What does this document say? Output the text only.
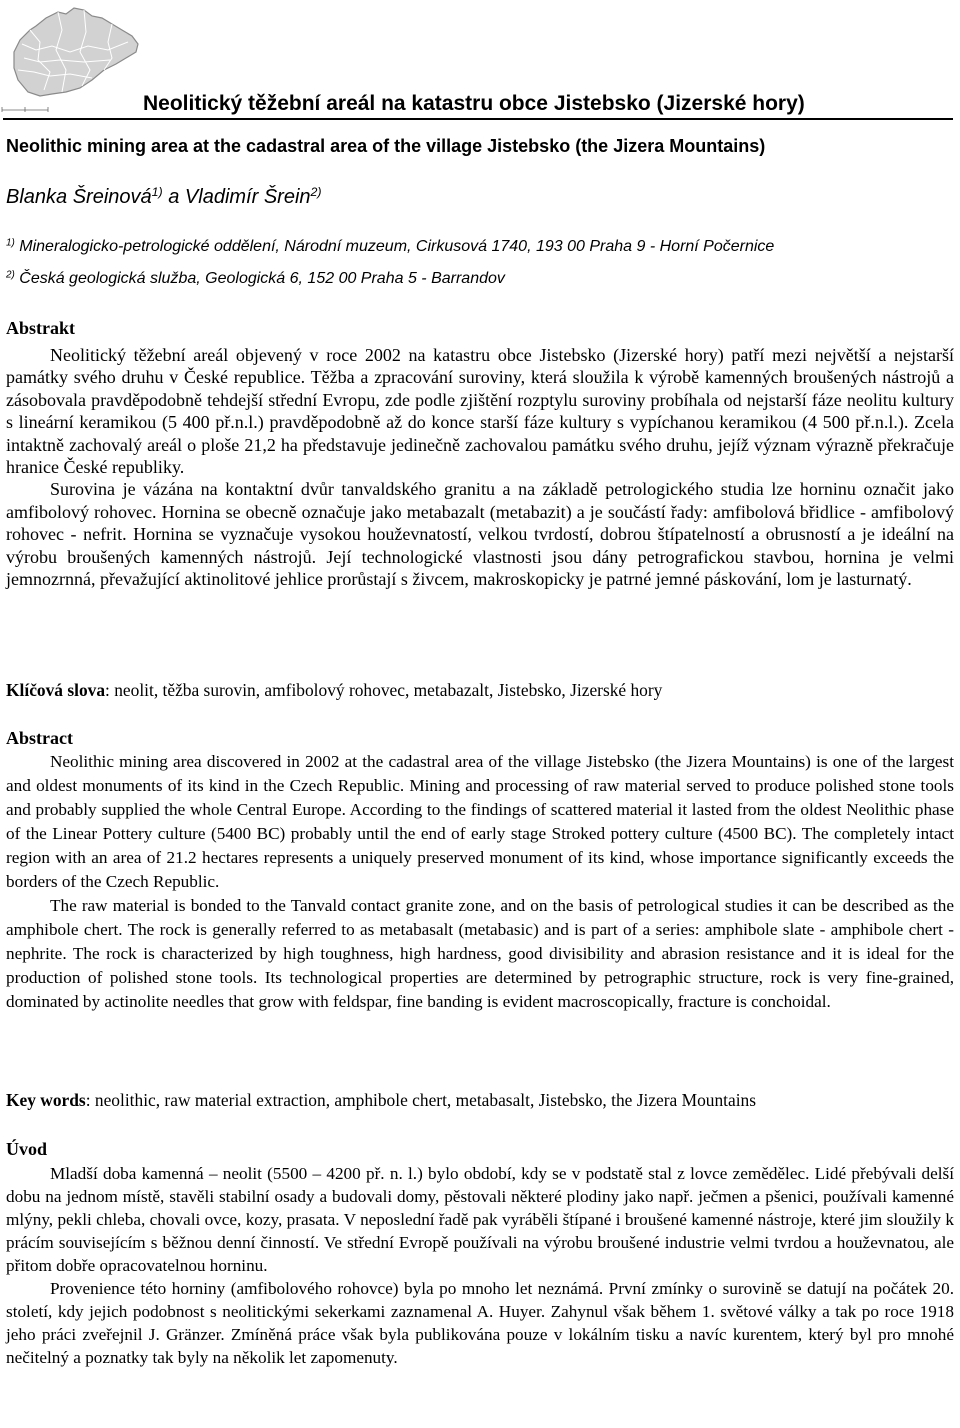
Neolitický těžební areál na katastru obce Jistebsko (Jizerské hory)
Neolithic mining area at the cadastral area of the village Jistebsko (the Jizera Mountains)

Blanka Šreinová$^{1)}$ a Vladimír Šrein$^{2)}$

$^{1)}$ Mineralogicko-petrologické oddělení, Národní muzeum, Cirkusová 1740, 193 00 Praha 9 - Horní Počernice

$^{2)}$ Česká geologická služba, Geologická 6, 152 00 Praha 5 - Barrandov

Abstrakt

Neolitický těžební areál objevený v roce 2002 na katastru obce Jistebsko (Jizerské hory) patří mezi největší a nejstarší památky svého druhu v České republice. Těžba a zpracování suroviny, která sloužila k výrobě kamenných broušených nástrojů a zásobovala pravděpodobně tehdejší střední Evropu, zde podle zjištění rozptylu suroviny probíhala od nejstarší fáze neolitu kultury s lineární keramikou (5 400 př.n.l.) pravděpodobně až do konce starší fáze kultury s vypíchanou keramikou (4 500 př.n.l.). Zcela intaktně zachovalý areál o ploše 21,2 ha představuje jedinečně zachovalou památku svého druhu, jejíž význam výrazně překračuje hranice České republiky.

Surovina je vázána na kontaktní dvůr tanvaldského granitu a na základě petrologického studia lze horninu označit jako amfibolový rohovec. Hornina se obecně označuje jako metabazalt (metabazit) a je součástí řady: amfibolová břidlice - amfibolový rohovec - nefrit. Hornina se vyznačuje vysokou houževnatostí, velkou tvrdostí, dobrou štípatelností a obrusností a je ideální na výrobu broušených kamenných nástrojů. Její technologické vlastnosti jsou dány petrografickou stavbou, hornina je velmi jemnozrnná, převažující aktinolitové jehlice prorůstají s živcem, makroskopicky je patrné jemné páskování, lom je lasturnatý.

Klíčová slova: neolit, těžba surovin, amfibolový rohovec, metabazalt, Jistebsko, Jizerské hory

Abstract

Neolithic mining area discovered in 2002 at the cadastral area of the village Jistebsko (the Jizera Mountains) is one of the largest and oldest monuments of its kind in the Czech Republic. Mining and processing of raw material served to produce polished stone tools and probably supplied the whole Central Europe. According to the findings of scattered material it lasted from the oldest Neolithic phase of the Linear Pottery culture (5400 BC) probably until the end of early stage Stroked pottery culture (4500 BC). The completely intact region with an area of 21.2 hectares represents a uniquely preserved monument of its kind, whose importance significantly exceeds the borders of the Czech Republic.

The raw material is bonded to the Tanvald contact granite zone, and on the basis of petrological studies it can be described as the amphibole chert. The rock is generally referred to as metabasalt (metabasic) and is part of a series: amphibole slate - amphibole chert - nephrite. The rock is characterized by high toughness, high hardness, good divisibility and abrasion resistance and it is ideal for the production of polished stone tools. Its technological properties are determined by petrographic structure, rock is very fine-grained, dominated by actinolite needles that grow with feldspar, fine banding is evident macroscopically, fracture is conchoidal.

Key words: neolithic, raw material extraction, amphibole chert, metabasalt, Jistebsko, the Jizera Mountains

Úvod

Mladší doba kamenná – neolit (5500 – 4200 př. n. l.) bylo období, kdy se v podstatě stal z lovce zemědělec. Lidé přebývali delší dobu na jednom místě, stavěli stabilní osady a budovali domy, pěstovali některé plodiny jako např. ječmen a pšenici, používali kamenné mlýny, pekli chleba, chovali ovce, kozy, prasata. V neposlední řadě pak vyráběli štípané i broušené kamenné nástroje, které jim sloužily k prácím souvisejícím s běžnou denní činností. Ve střední Evropě používali na výrobu broušené industrie velmi tvrdou a houževnatou, ale přitom dobře opracovatelnou horninu.

Provenience této horniny (amfibolového rohovce) byla po mnoho let neznámá. První zmínky o surovině se datují na počátek 20. století, kdy jejich podobnost s neolitickými sekerkami zaznamenal A. Huyer. Zahynul však během 1. světové války a tak po roce 1918 jeho práci zveřejnil J. Gränzer. Zmíněná práce však byla publikována pouze v lokálním tisku a navíc kurentem, který byl pro mnohé nečitelný a poznatky tak byly na několik let zapomenuty.
